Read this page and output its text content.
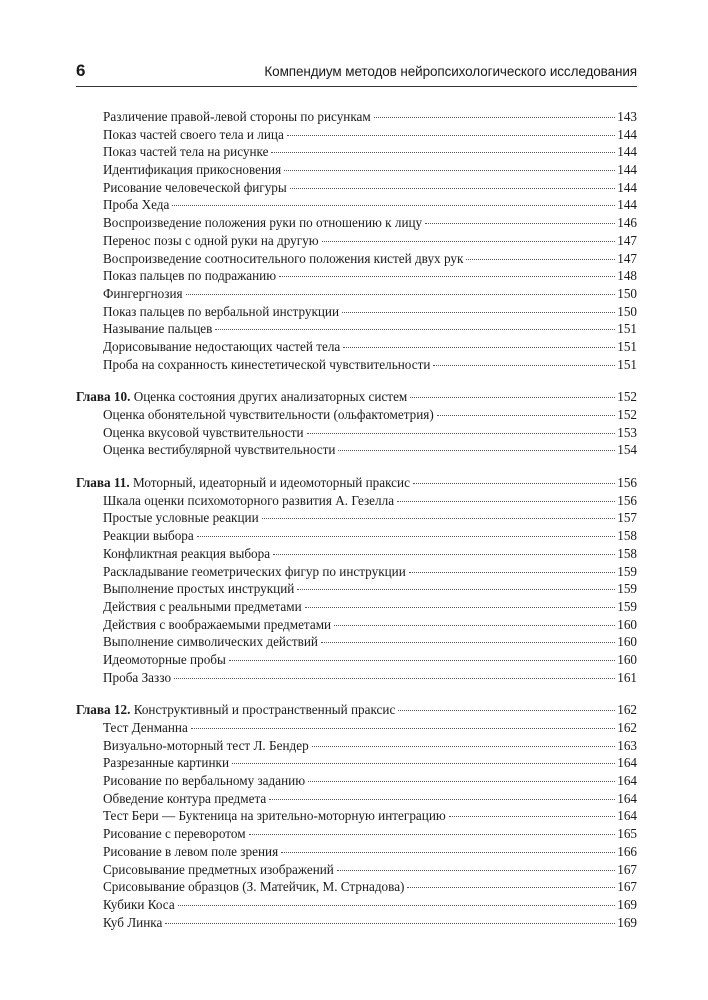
6	Компендиум методов нейропсихологического исследования
Различение правой-левой стороны по рисункам	143
Показ частей своего тела и лица	144
Показ частей тела на рисунке	144
Идентификация прикосновения	144
Рисование человеческой фигуры	144
Проба Хеда	144
Воспроизведение положения руки по отношению к лицу	146
Перенос позы с одной руки на другую	147
Воспроизведение соотносительного положения кистей двух рук	147
Показ пальцев по подражанию	148
Фингергнозия	150
Показ пальцев по вербальной инструкции	150
Называние пальцев	151
Дорисовывание недостающих частей тела	151
Проба на сохранность кинестетической чувствительности	151
Глава 10. Оценка состояния других анализаторных систем	152
Оценка обонятельной чувствительности (ольфактометрия)	152
Оценка вкусовой чувствительности	153
Оценка вестибулярной чувствительности	154
Глава 11. Моторный, идеаторный и идеомоторный праксис	156
Шкала оценки психомоторного развития А. Гезелла	156
Простые условные реакции	157
Реакции выбора	158
Конфликтная реакция выбора	158
Раскладывание геометрических фигур по инструкции	159
Выполнение простых инструкций	159
Действия с реальными предметами	159
Действия с воображаемыми предметами	160
Выполнение символических действий	160
Идеомоторные пробы	160
Проба Заззо	161
Глава 12. Конструктивный и пространственный праксис	162
Тест Денманна	162
Визуально-моторный тест Л. Бендер	163
Разрезанные картинки	164
Рисование по вербальному заданию	164
Обведение контура предмета	164
Тест Бери — Буктеница на зрительно-моторную интеграцию	164
Рисование с переворотом	165
Рисование в левом поле зрения	166
Срисовывание предметных изображений	167
Срисовывание образцов (З. Матейчик, М. Стрнадова)	167
Кубики Коса	169
Куб Линка	169
